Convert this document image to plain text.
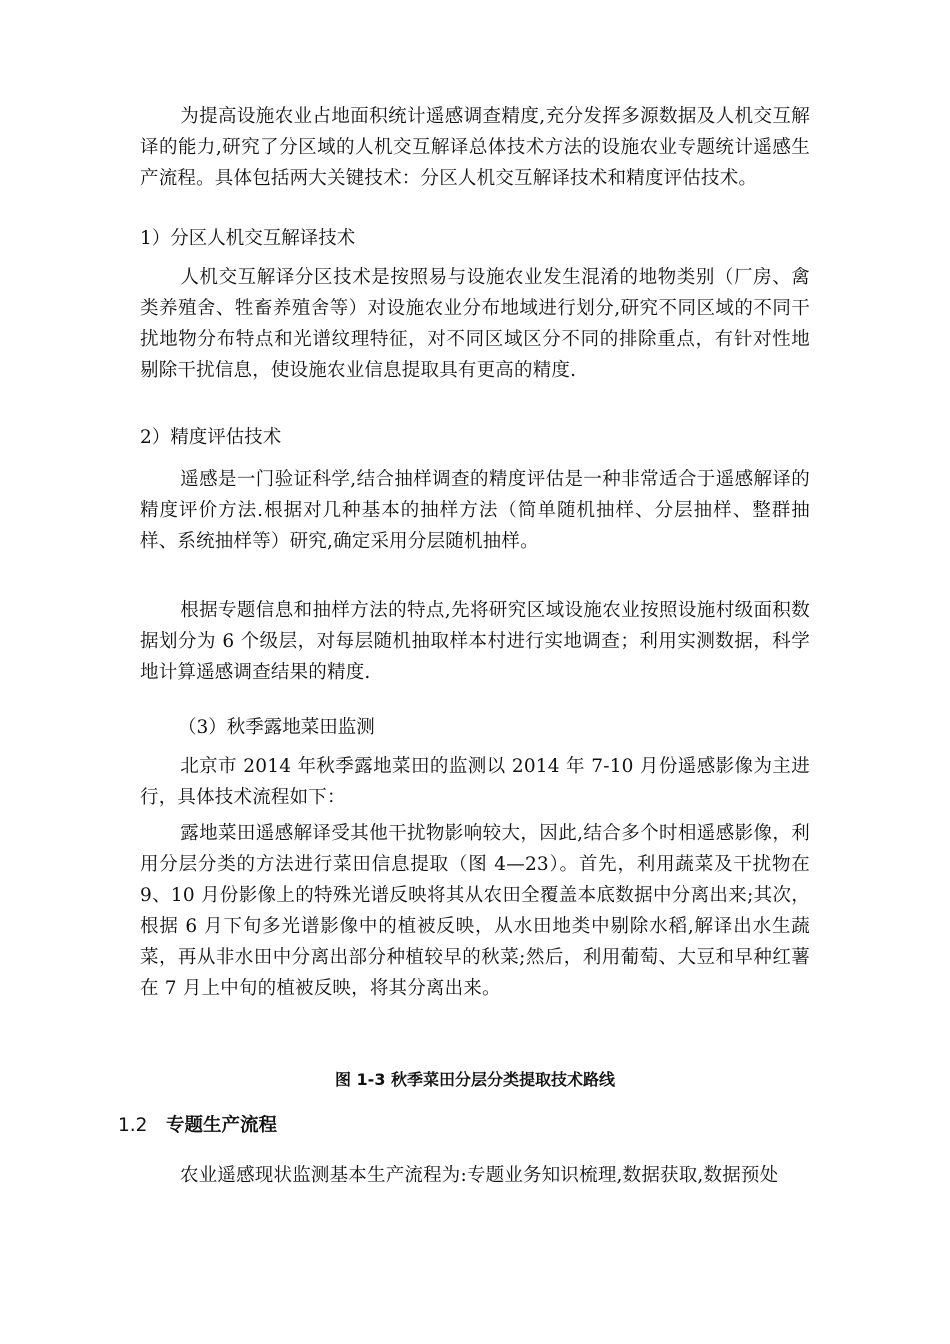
为提高设施农业占地面积统计遥感调查精度,充分发挥多源数据及人机交互解译的能力,研究了分区域的人机交互解译总体技术方法的设施农业专题统计遥感生产流程。具体包括两大关键技术：分区人机交互解译技术和精度评估技术。

1）分区人机交互解译技术

人机交互解译分区技术是按照易与设施农业发生混淆的地物类别（厂房、禽类养殖舍、牲畜养殖舍等）对设施农业分布地域进行划分,研究不同区域的不同干扰地物分布特点和光谱纹理特征，对不同区域区分不同的排除重点，有针对性地剔除干扰信息，使设施农业信息提取具有更高的精度.

2）精度评估技术

遥感是一门验证科学,结合抽样调查的精度评估是一种非常适合于遥感解译的精度评价方法.根据对几种基本的抽样方法（简单随机抽样、分层抽样、整群抽样、系统抽样等）研究,确定采用分层随机抽样。

根据专题信息和抽样方法的特点,先将研究区域设施农业按照设施村级面积数据划分为 6 个级层，对每层随机抽取样本村进行实地调查；利用实测数据，科学地计算遥感调查结果的精度.

（3）秋季露地菜田监测

北京市 2014 年秋季露地菜田的监测以 2014 年 7-10 月份遥感影像为主进行，具体技术流程如下：

露地菜田遥感解译受其他干扰物影响较大，因此,结合多个时相遥感影像，利用分层分类的方法进行菜田信息提取（图 4—23）。首先，利用蔬菜及干扰物在 9、10 月份影像上的特殊光谱反映将其从农田全覆盖本底数据中分离出来;其次，根据 6 月下旬多光谱影像中的植被反映，从水田地类中剔除水稻,解译出水生蔬菜，再从非水田中分离出部分种植较早的秋菜;然后，利用葡萄、大豆和早种红薯在 7 月上中旬的植被反映，将其分离出来。

图 1-3 秋季菜田分层分类提取技术路线

1.2 专题生产流程

农业遥感现状监测基本生产流程为:专题业务知识梳理,数据获取,数据预处
